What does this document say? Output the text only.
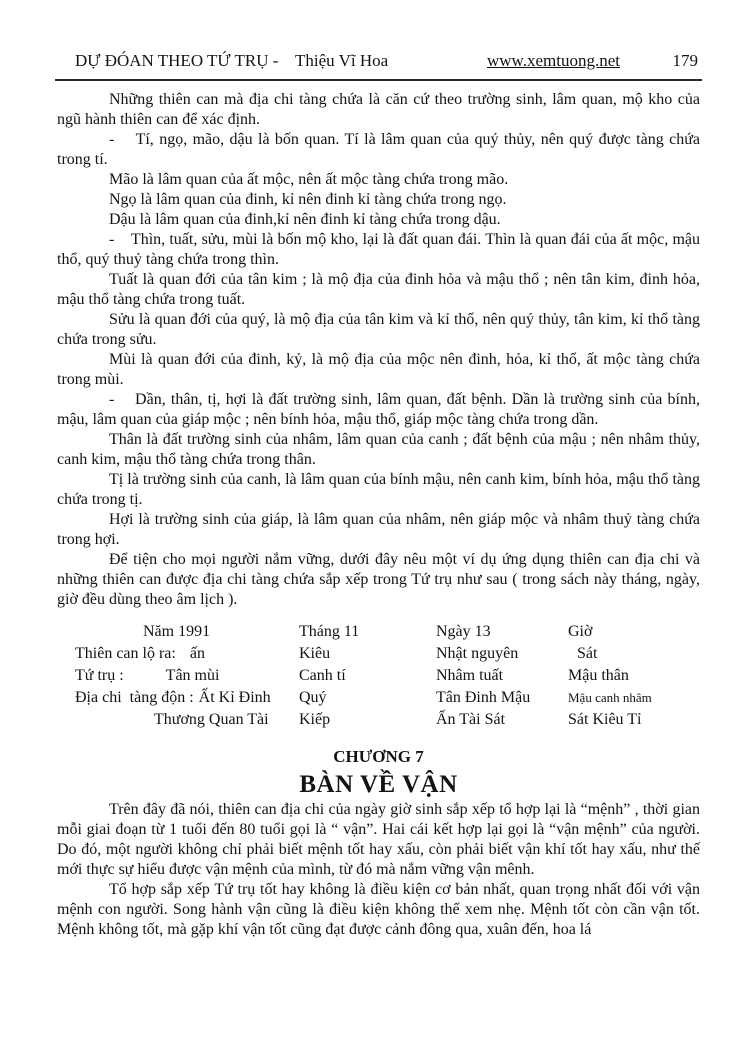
DỰ ĐÓAN THEO TỨ TRỤ - Thiệu Vĩ Hoa	www.xemtuong.net	179

Những thiên can mà địa chi tàng chứa là căn cứ theo trường sinh, lâm quan, mộ kho của ngũ hành thiên can để xác định.

-    Tí, ngọ, mão, dậu là bốn quan. Tí là lâm quan của quý thủy, nên quý được tàng chứa trong tí.

Mão là lâm quan của ất mộc, nên ất mộc tàng chứa trong mão.

Ngọ là lâm quan của đinh, kỉ nên đinh kỉ tàng chứa trong ngọ.

Dậu là lâm quan của đinh,kỉ nên đinh kỉ tàng chứa trong dậu.

-    Thìn, tuất, sửu, mùi là bốn mộ kho, lại là đất quan đái. Thìn là quan đái của ất mộc, mậu thổ, quý thuỷ tàng chứa trong thìn.

Tuất là quan đới của tân kim ; là mộ địa của đinh hỏa và mậu thổ ; nên tân kim, đinh hỏa, mậu thổ tàng chứa trong tuất.

Sửu là quan đới của quý, là mộ địa của tân kim và kỉ thổ, nên quý thủy, tân kim, kỉ thổ tàng chứa trong sửu.

Mùi là quan đới của đinh, kỷ, là mộ địa của mộc nên đinh, hỏa, kỉ thổ, ất mộc tàng chứa trong mùi.

-    Dần, thân, tị, hợi là đất trường sinh, lâm quan, đất bệnh. Dần là trường sinh của bính, mậu, lâm quan của giáp mộc ; nên bính hỏa, mậu thổ, giáp mộc tàng chứa trong dần.

Thân là đất trường sinh của nhâm, lâm quan của canh ; đất bệnh của mậu ; nên nhâm thủy, canh kim, mậu thổ tàng chứa trong thân.

Tị là trường sinh của canh, là lâm quan của bính mậu, nên canh kim, bính hỏa, mậu thổ tàng chứa trong tị.

Hợi là trường sinh của giáp, là lâm quan của nhâm, nên giáp mộc và nhâm thuỷ tàng chứa trong hợi.

Để tiện cho mọi người nắm vững, dưới đây nêu một ví dụ ứng dụng thiên can địa chi và những thiên can được địa chi tàng chứa sắp xếp trong Tứ trụ như sau ( trong sách này tháng, ngày, giờ đều dùng theo âm lịch ).

Năm 1991	Tháng 11	Ngày 13	Giờ
Thiên can lộ ra: ấn	Kiêu	Nhật nguyên	Sát
Tứ trụ :	Tân mùi	Canh tí	Nhâm tuất	Mậu thân
Địa chi  tàng độn : Ất Kỉ Đinh	Quý	Tân Đinh Mậu	Mậu canh nhâm
Thương Quan Tài	Kiếp	Ấn Tài Sát	Sát Kiêu Tỉ
CHƯƠNG 7
BÀN VỀ VẬN

Trên đây đã nói, thiên can địa chi của ngày giờ sinh sắp xếp tổ hợp lại là “mệnh” , thời gian mỗi giai đoạn từ 1 tuổi đến 80 tuổi gọi là “ vận”. Hai cái kết hợp lại gọi là “vận mệnh” của người. Do đó, một người không chỉ phải biết mệnh tốt hay xấu, còn phải biết vận khí tốt hay xấu, như thế mới thực sự hiểu được vận mệnh của mình, từ đó mà nắm vững vận mênh.

Tổ hợp sắp xếp Tứ trụ tốt hay không là điều kiện cơ bản nhất, quan trọng nhất đối với vận mệnh con người. Song hành vận cũng là điều kiện không thể xem nhẹ. Mệnh tốt còn cần vận tốt. Mệnh không tốt, mà gặp khí vận tốt cũng đạt được cảnh đông qua, xuân đến, hoa lá
